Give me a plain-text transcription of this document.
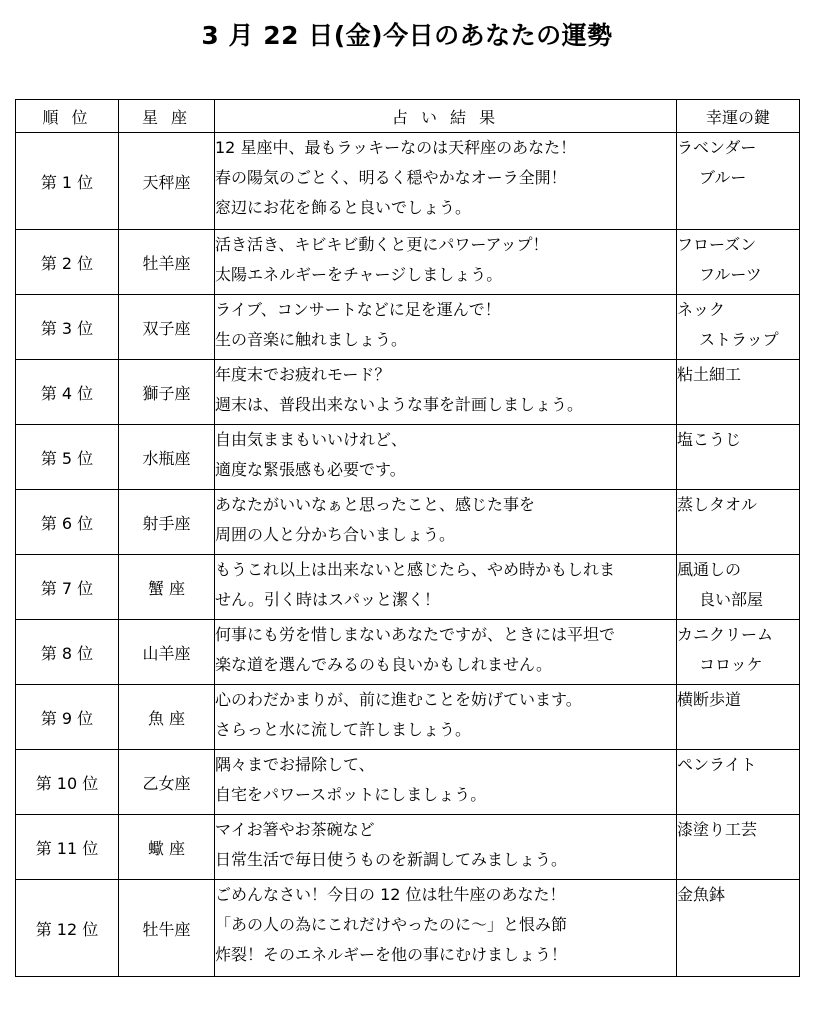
3 月 22 日(金)今日のあなたの運勢
順 位	星 座	占 い 結 果	幸運の鍵
第 1 位	天秤座	12 星座中、最もラッキーなのは天秤座のあなた！
春の陽気のごとく、明るく穏やかなオーラ全開！
窓辺にお花を飾ると良いでしょう。	ラベンダー
ブルー

第 2 位	牡羊座	活き活き、キビキビ動くと更にパワーアップ！
太陽エネルギーをチャージしましょう。	フローズン
フルーツ

第 3 位	双子座	ライブ、コンサートなどに足を運んで！
生の音楽に触れましょう。	ネック
ストラップ

第 4 位	獅子座	年度末でお疲れモード？
週末は、普段出来ないような事を計画しましょう。	粘土細工

第 5 位	水瓶座	自由気ままもいいけれど、
適度な緊張感も必要です。	塩こうじ

第 6 位	射手座	あなたがいいなぁと思ったこと、感じた事を
周囲の人と分かち合いましょう。	蒸しタオル

第 7 位	蟹 座	もうこれ以上は出来ないと感じたら、やめ時かもしれま
せん。引く時はスパッと潔く！	風通しの
良い部屋

第 8 位	山羊座	何事にも労を惜しまないあなたですが、ときには平坦で
楽な道を選んでみるのも良いかもしれません。	カニクリーム
コロッケ

第 9 位	魚 座	心のわだかまりが、前に進むことを妨げています。
さらっと水に流して許しましょう。	横断歩道

第 10 位	乙女座	隅々までお掃除して、
自宅をパワースポットにしましょう。	ペンライト

第 11 位	蠍 座	マイお箸やお茶碗など
日常生活で毎日使うものを新調してみましょう。	漆塗り工芸

第 12 位	牡牛座	ごめんなさい！今日の 12 位は牡牛座のあなた！
「あの人の為にこれだけやったのに～」と恨み節
炸裂！そのエネルギーを他の事にむけましょう！	金魚鉢
